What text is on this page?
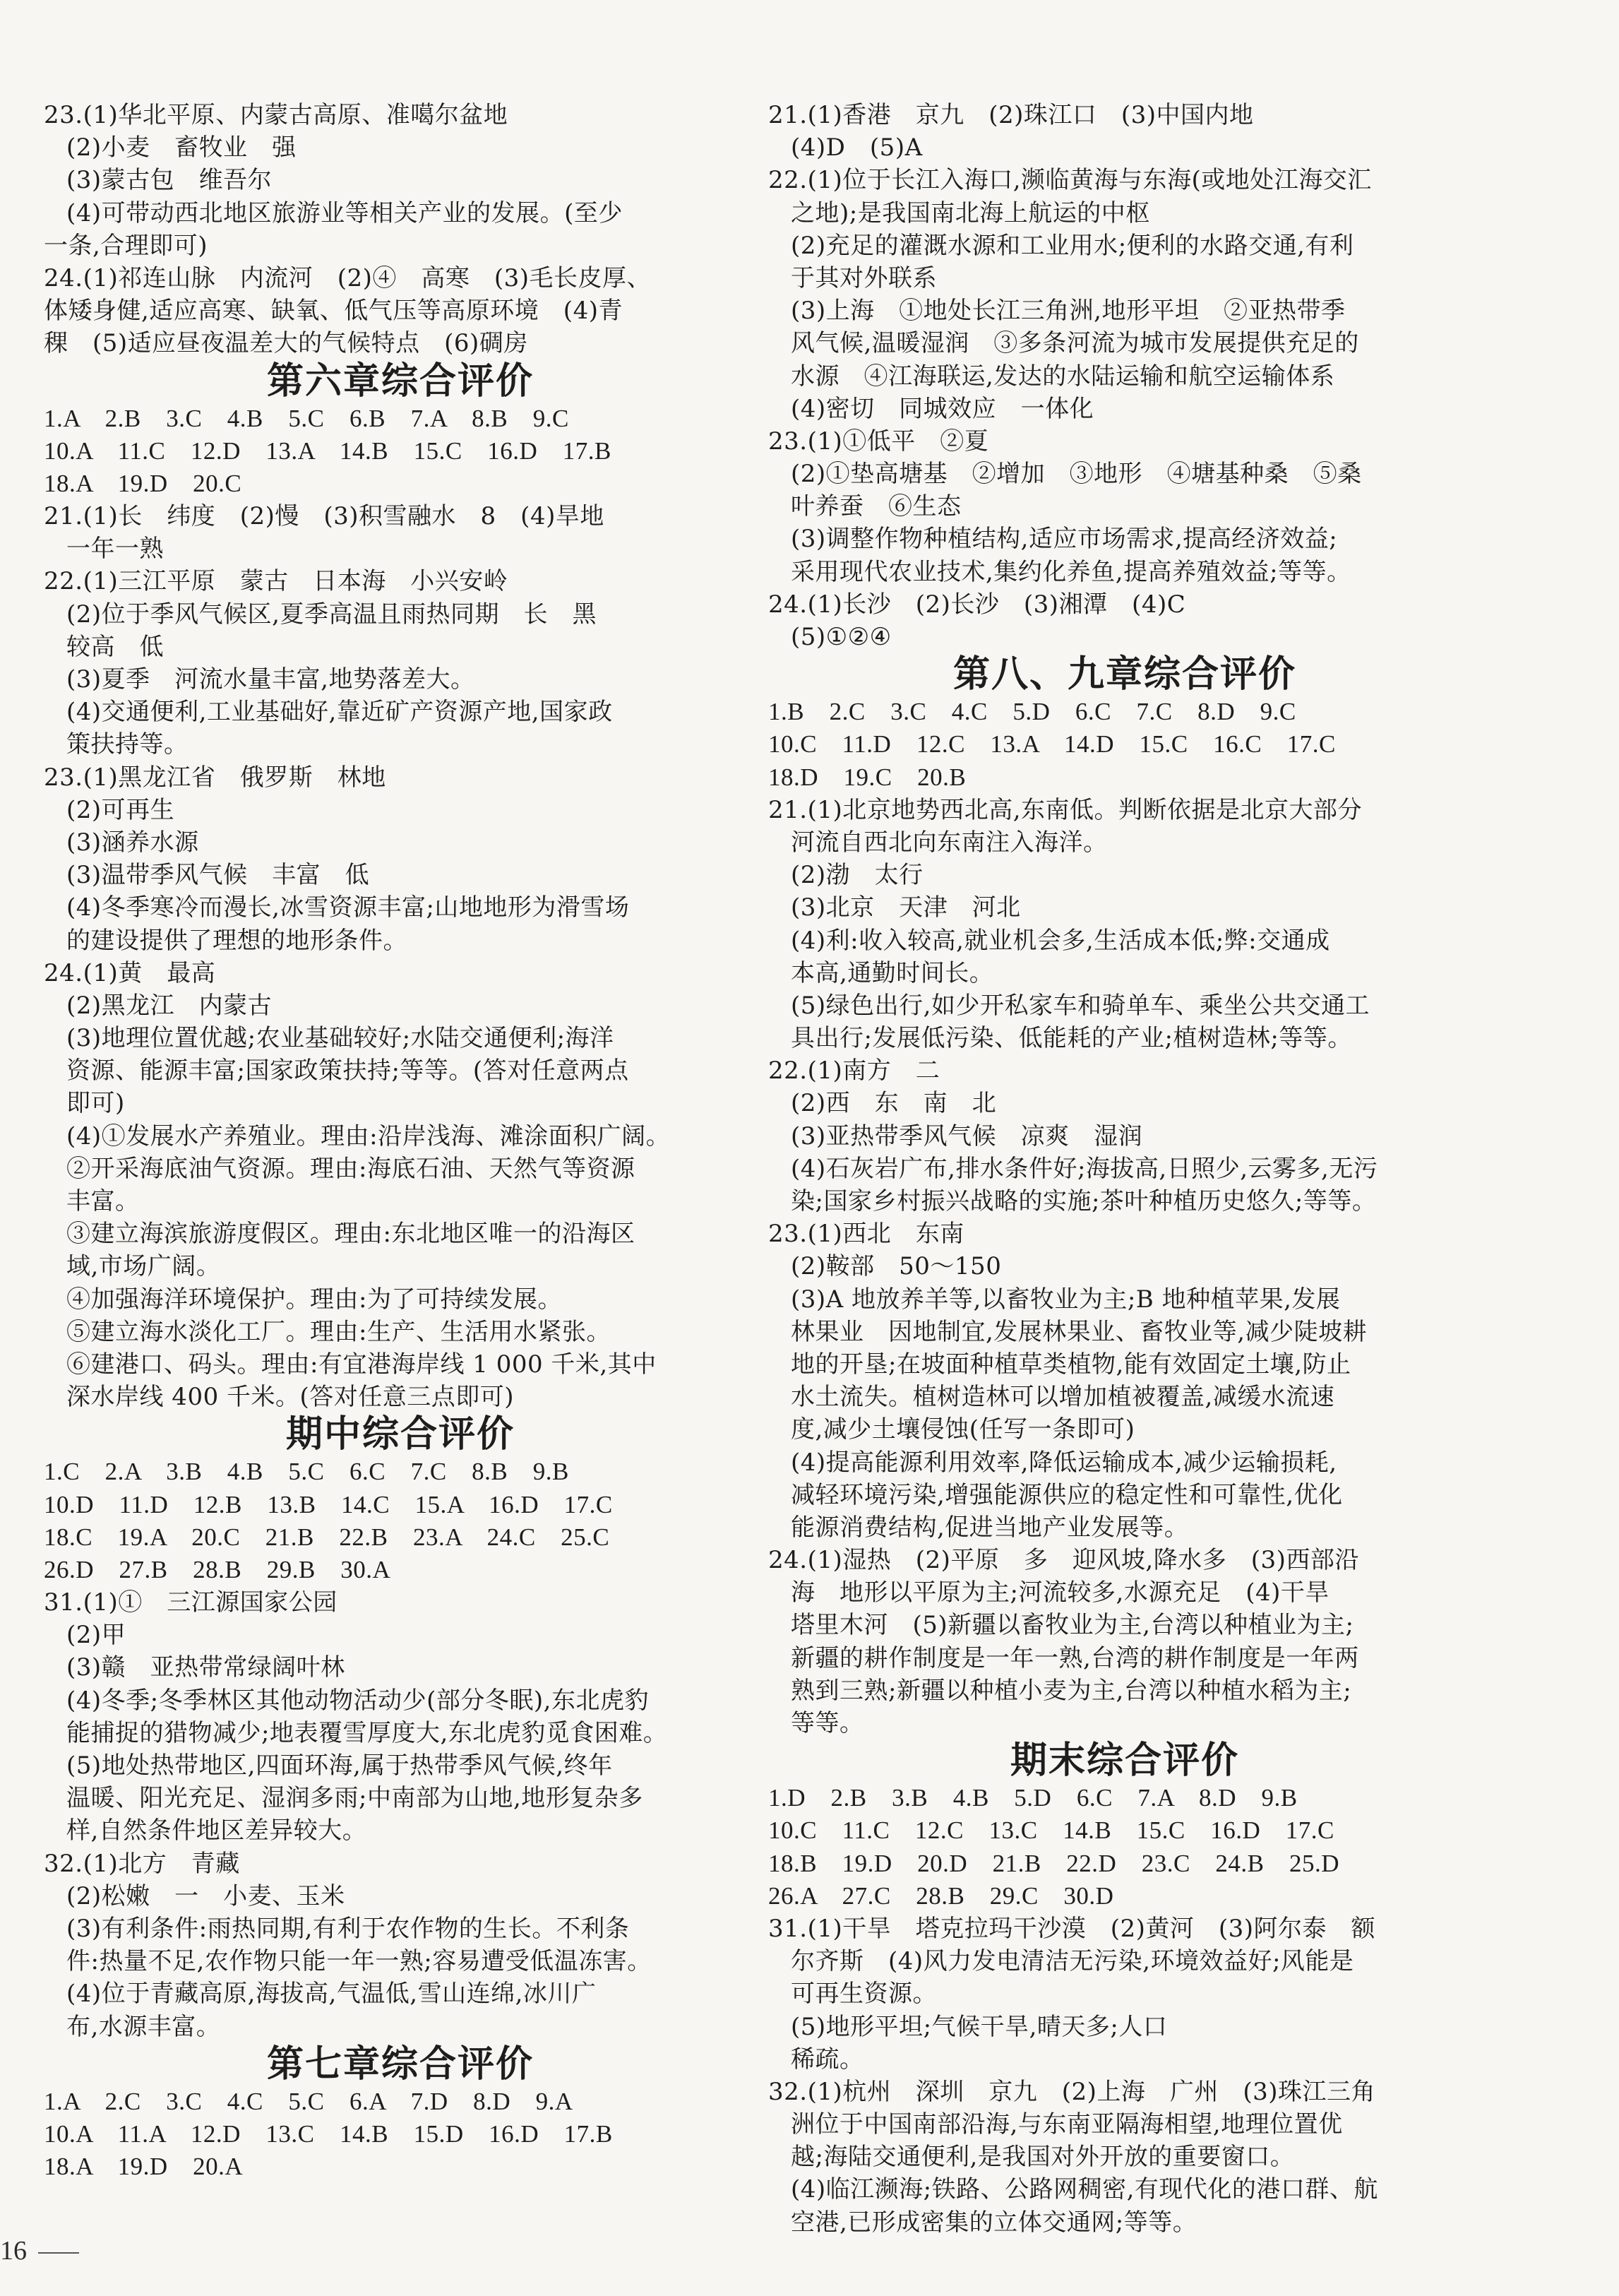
23.(1)华北平原、内蒙古高原、准噶尔盆地
(2)小麦　畜牧业　强
(3)蒙古包　维吾尔
(4)可带动西北地区旅游业等相关产业的发展。(至少
一条,合理即可)
24.(1)祁连山脉　内流河　(2)④　高寒　(3)毛长皮厚、
体矮身健,适应高寒、缺氧、低气压等高原环境　(4)青
稞　(5)适应昼夜温差大的气候特点　(6)碉房
第六章综合评价
1.A　2.B　3.C　4.B　5.C　6.B　7.A　8.B　9.C
10.A　11.C　12.D　13.A　14.B　15.C　16.D　17.B
18.A　19.D　20.C
21.(1)长　纬度　(2)慢　(3)积雪融水　8　(4)旱地
一年一熟
22.(1)三江平原　蒙古　日本海　小兴安岭
(2)位于季风气候区,夏季高温且雨热同期　长　黑
较高　低
(3)夏季　河流水量丰富,地势落差大。
(4)交通便利,工业基础好,靠近矿产资源产地,国家政
策扶持等。
23.(1)黑龙江省　俄罗斯　林地
(2)可再生
(3)涵养水源
(3)温带季风气候　丰富　低
(4)冬季寒冷而漫长,冰雪资源丰富;山地地形为滑雪场
的建设提供了理想的地形条件。
24.(1)黄　最高
(2)黑龙江　内蒙古
(3)地理位置优越;农业基础较好;水陆交通便利;海洋
资源、能源丰富;国家政策扶持;等等。(答对任意两点
即可)
(4)①发展水产养殖业。理由:沿岸浅海、滩涂面积广阔。
②开采海底油气资源。理由:海底石油、天然气等资源
丰富。
③建立海滨旅游度假区。理由:东北地区唯一的沿海区
域,市场广阔。
④加强海洋环境保护。理由:为了可持续发展。
⑤建立海水淡化工厂。理由:生产、生活用水紧张。
⑥建港口、码头。理由:有宜港海岸线 1 000 千米,其中
深水岸线 400 千米。(答对任意三点即可)
期中综合评价
1.C　2.A　3.B　4.B　5.C　6.C　7.C　8.B　9.B
10.D　11.D　12.B　13.B　14.C　15.A　16.D　17.C
18.C　19.A　20.C　21.B　22.B　23.A　24.C　25.C
26.D　27.B　28.B　29.B　30.A
31.(1)①　三江源国家公园
(2)甲
(3)赣　亚热带常绿阔叶林
(4)冬季;冬季林区其他动物活动少(部分冬眠),东北虎豹
能捕捉的猎物减少;地表覆雪厚度大,东北虎豹觅食困难。
(5)地处热带地区,四面环海,属于热带季风气候,终年
温暖、阳光充足、湿润多雨;中南部为山地,地形复杂多
样,自然条件地区差异较大。
32.(1)北方　青藏
(2)松嫩　一　小麦、玉米
(3)有利条件:雨热同期,有利于农作物的生长。不利条
件:热量不足,农作物只能一年一熟;容易遭受低温冻害。
(4)位于青藏高原,海拔高,气温低,雪山连绵,冰川广
布,水源丰富。
第七章综合评价
1.A　2.C　3.C　4.C　5.C　6.A　7.D　8.D　9.A
10.A　11.A　12.D　13.C　14.B　15.D　16.D　17.B
18.A　19.D　20.A
21.(1)香港　京九　(2)珠江口　(3)中国内地
(4)D　(5)A
22.(1)位于长江入海口,濒临黄海与东海(或地处江海交汇
之地);是我国南北海上航运的中枢
(2)充足的灌溉水源和工业用水;便利的水路交通,有利
于其对外联系
(3)上海　①地处长江三角洲,地形平坦　②亚热带季
风气候,温暖湿润　③多条河流为城市发展提供充足的
水源　④江海联运,发达的水陆运输和航空运输体系
(4)密切　同城效应　一体化
23.(1)①低平　②夏
(2)①垫高塘基　②增加　③地形　④塘基种桑　⑤桑
叶养蚕　⑥生态
(3)调整作物种植结构,适应市场需求,提高经济效益;
采用现代农业技术,集约化养鱼,提高养殖效益;等等。
24.(1)长沙　(2)长沙　(3)湘潭　(4)C
(5)①②④
第八、九章综合评价
1.B　2.C　3.C　4.C　5.D　6.C　7.C　8.D　9.C
10.C　11.D　12.C　13.A　14.D　15.C　16.C　17.C
18.D　19.C　20.B
21.(1)北京地势西北高,东南低。判断依据是北京大部分
河流自西北向东南注入海洋。
(2)渤　太行
(3)北京　天津　河北
(4)利:收入较高,就业机会多,生活成本低;弊:交通成
本高,通勤时间长。
(5)绿色出行,如少开私家车和骑单车、乘坐公共交通工
具出行;发展低污染、低能耗的产业;植树造林;等等。
22.(1)南方　二
(2)西　东　南　北
(3)亚热带季风气候　凉爽　湿润
(4)石灰岩广布,排水条件好;海拔高,日照少,云雾多,无污
染;国家乡村振兴战略的实施;茶叶种植历史悠久;等等。
23.(1)西北　东南
(2)鞍部　50～150
(3)A 地放养羊等,以畜牧业为主;B 地种植苹果,发展
林果业　因地制宜,发展林果业、畜牧业等,减少陡坡耕
地的开垦;在坡面种植草类植物,能有效固定土壤,防止
水土流失。植树造林可以增加植被覆盖,减缓水流速
度,减少土壤侵蚀(任写一条即可)
(4)提高能源利用效率,降低运输成本,减少运输损耗,
减轻环境污染,增强能源供应的稳定性和可靠性,优化
能源消费结构,促进当地产业发展等。
24.(1)湿热　(2)平原　多　迎风坡,降水多　(3)西部沿
海　地形以平原为主;河流较多,水源充足　(4)干旱
塔里木河　(5)新疆以畜牧业为主,台湾以种植业为主;
新疆的耕作制度是一年一熟,台湾的耕作制度是一年两
熟到三熟;新疆以种植小麦为主,台湾以种植水稻为主;
等等。
期末综合评价
1.D　2.B　3.B　4.B　5.D　6.C　7.A　8.D　9.B
10.C　11.C　12.C　13.C　14.B　15.C　16.D　17.C
18.B　19.D　20.D　21.B　22.D　23.C　24.B　25.D
26.A　27.C　28.B　29.C　30.D
31.(1)干旱　塔克拉玛干沙漠　(2)黄河　(3)阿尔泰　额
尔齐斯　(4)风力发电清洁无污染,环境效益好;风能是
可再生资源。
(5)地形平坦;气候干旱,晴天多;人口
稀疏。
32.(1)杭州　深圳　京九　(2)上海　广州　(3)珠江三角
洲位于中国南部沿海,与东南亚隔海相望,地理位置优
越;海陆交通便利,是我国对外开放的重要窗口。
(4)临江濒海;铁路、公路网稠密,有现代化的港口群、航
空港,已形成密集的立体交通网;等等。
16
